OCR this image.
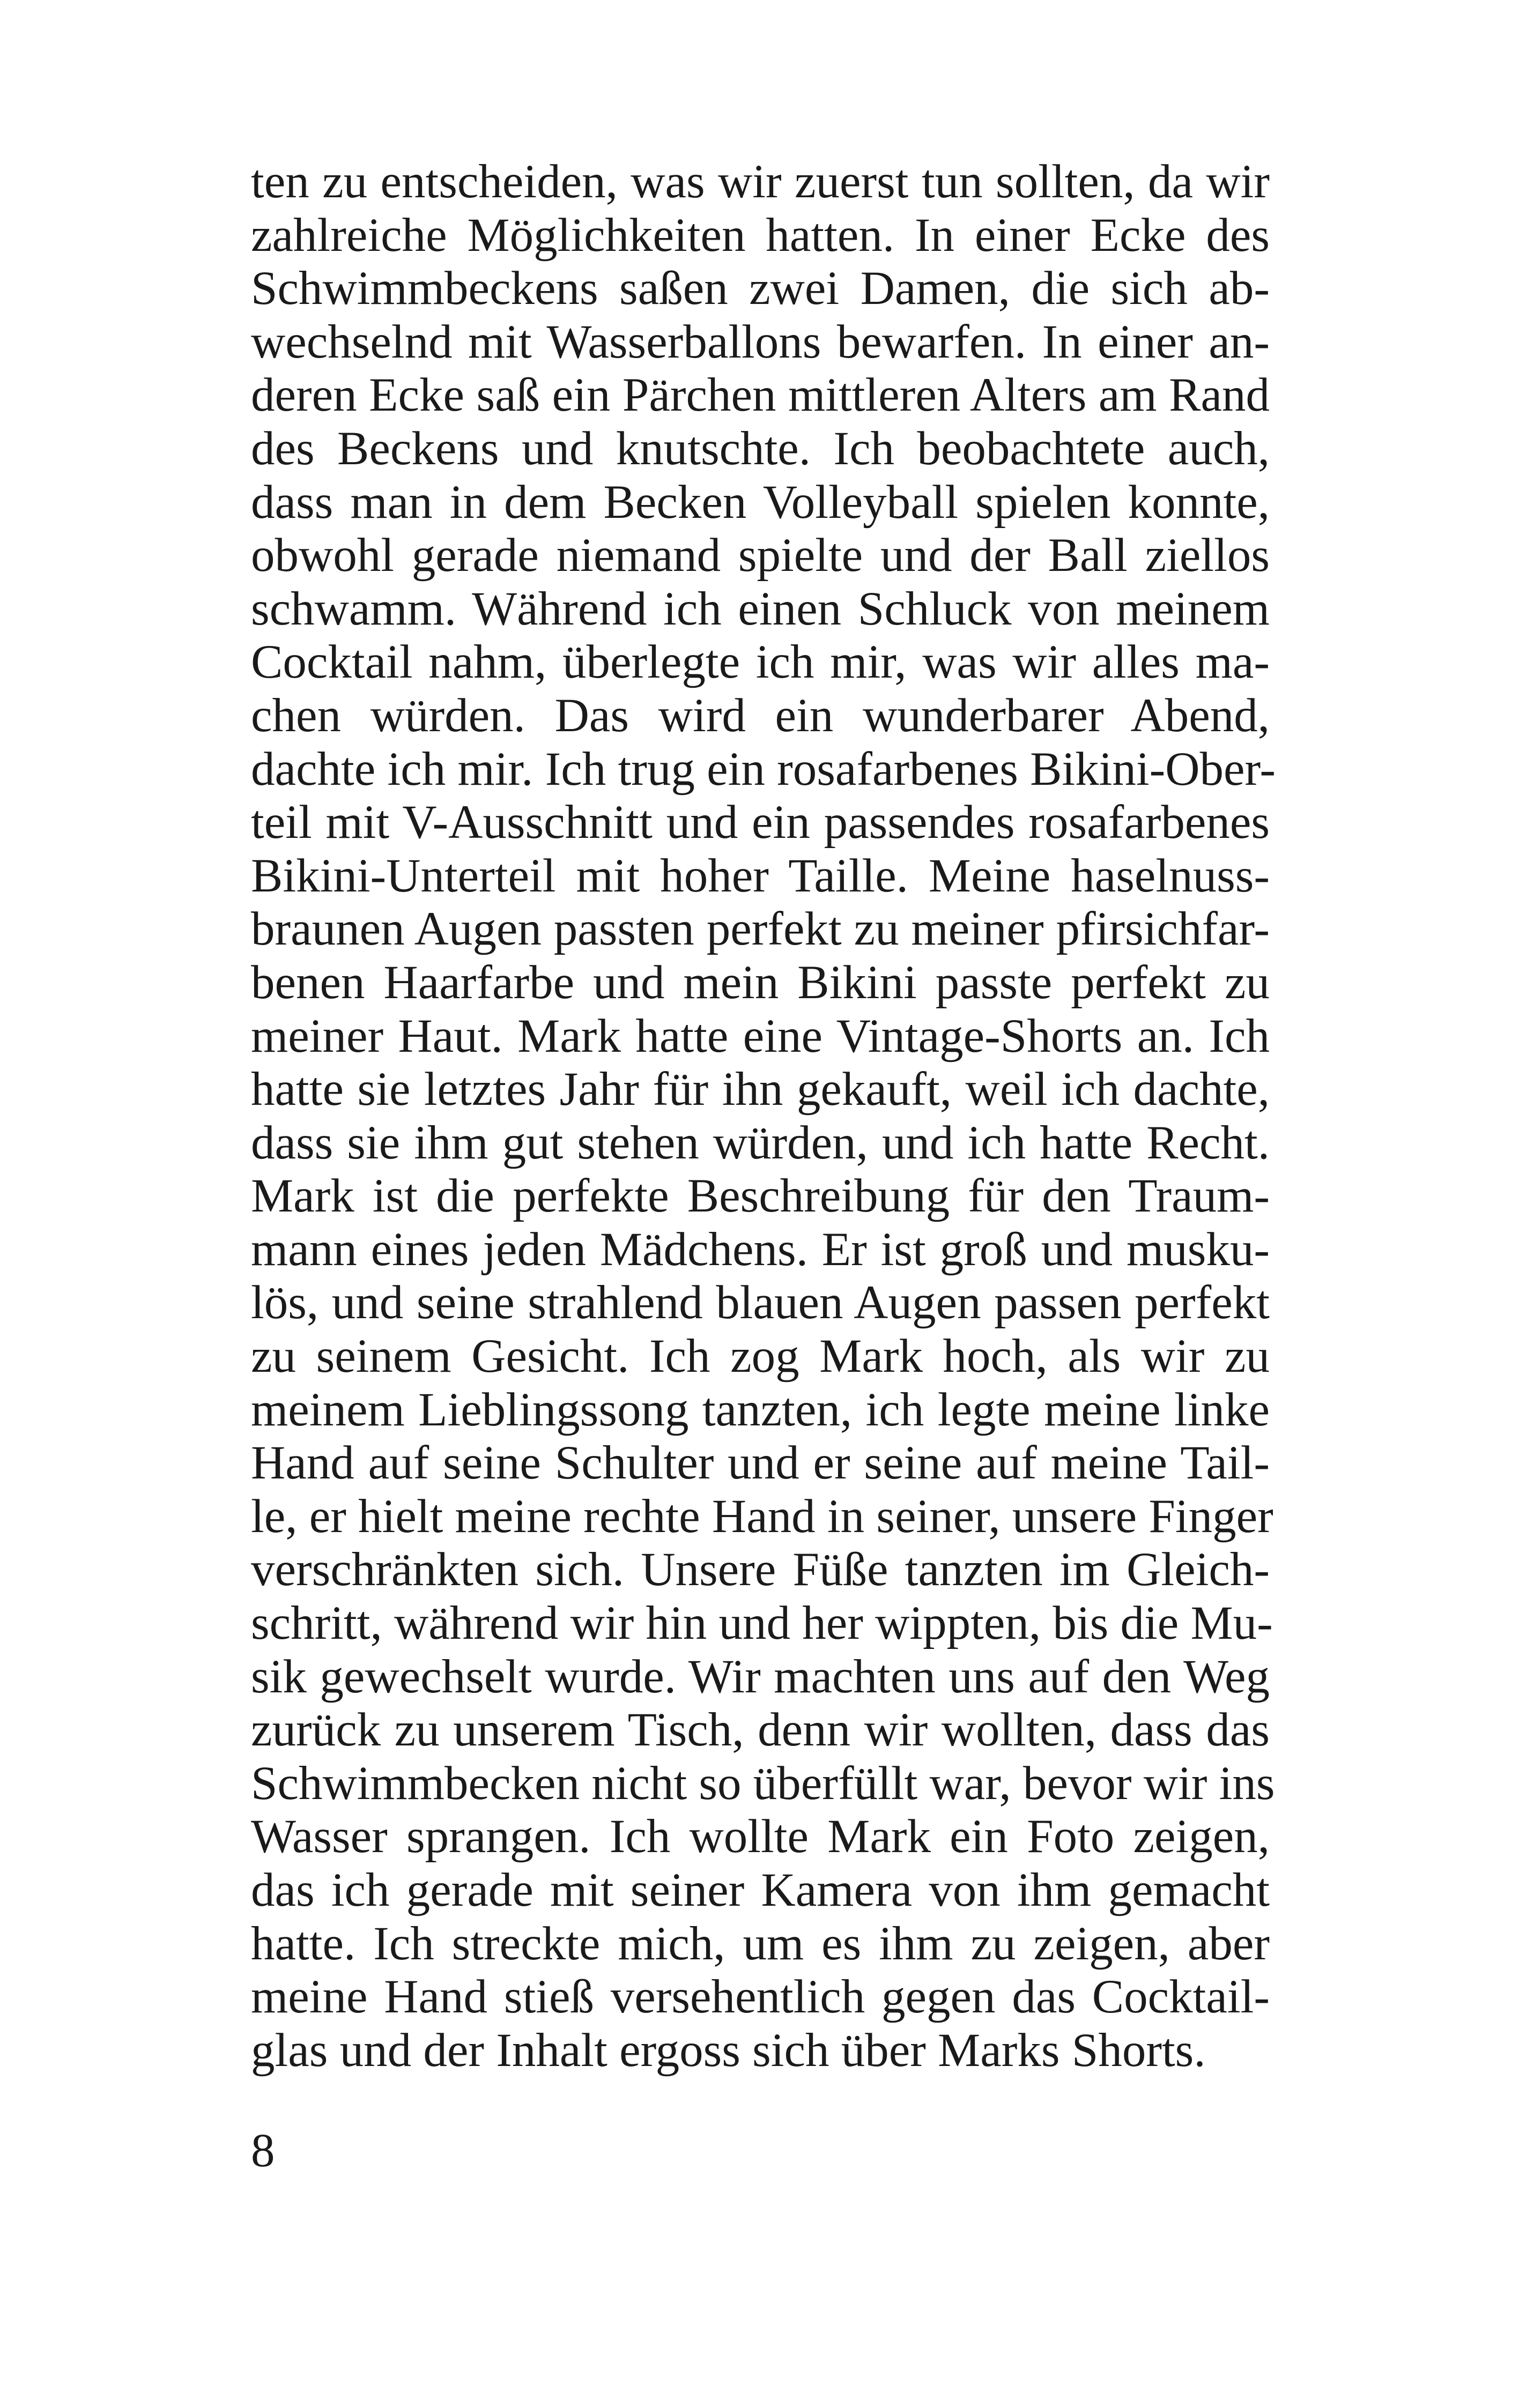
ten zu entscheiden, was wir zuerst tun sollten, da wir
zahlreiche Möglichkeiten hatten. In einer Ecke des
Schwimmbeckens saßen zwei Damen, die sich ab-
wechselnd mit Wasserballons bewarfen. In einer an-
deren Ecke saß ein Pärchen mittleren Alters am Rand
des Beckens und knutschte. Ich beobachtete auch,
dass man in dem Becken Volleyball spielen konnte,
obwohl gerade niemand spielte und der Ball ziellos
schwamm. Während ich einen Schluck von meinem
Cocktail nahm, überlegte ich mir, was wir alles ma-
chen würden. Das wird ein wunderbarer Abend,
dachte ich mir. Ich trug ein rosafarbenes Bikini-Ober-
teil mit V-Ausschnitt und ein passendes rosafarbenes
Bikini-Unterteil mit hoher Taille. Meine haselnuss-
braunen Augen passten perfekt zu meiner pfirsichfar-
benen Haarfarbe und mein Bikini passte perfekt zu
meiner Haut. Mark hatte eine Vintage-Shorts an. Ich
hatte sie letztes Jahr für ihn gekauft, weil ich dachte,
dass sie ihm gut stehen würden, und ich hatte Recht.
Mark ist die perfekte Beschreibung für den Traum-
mann eines jeden Mädchens. Er ist groß und musku-
lös, und seine strahlend blauen Augen passen perfekt
zu seinem Gesicht. Ich zog Mark hoch, als wir zu
meinem Lieblingssong tanzten, ich legte meine linke
Hand auf seine Schulter und er seine auf meine Tail-
le, er hielt meine rechte Hand in seiner, unsere Finger
verschränkten sich. Unsere Füße tanzten im Gleich-
schritt, während wir hin und her wippten, bis die Mu-
sik gewechselt wurde. Wir machten uns auf den Weg
zurück zu unserem Tisch, denn wir wollten, dass das
Schwimmbecken nicht so überfüllt war, bevor wir ins
Wasser sprangen. Ich wollte Mark ein Foto zeigen,
das ich gerade mit seiner Kamera von ihm gemacht
hatte. Ich streckte mich, um es ihm zu zeigen, aber
meine Hand stieß versehentlich gegen das Cocktail-
glas und der Inhalt ergoss sich über Marks Shorts.
8
